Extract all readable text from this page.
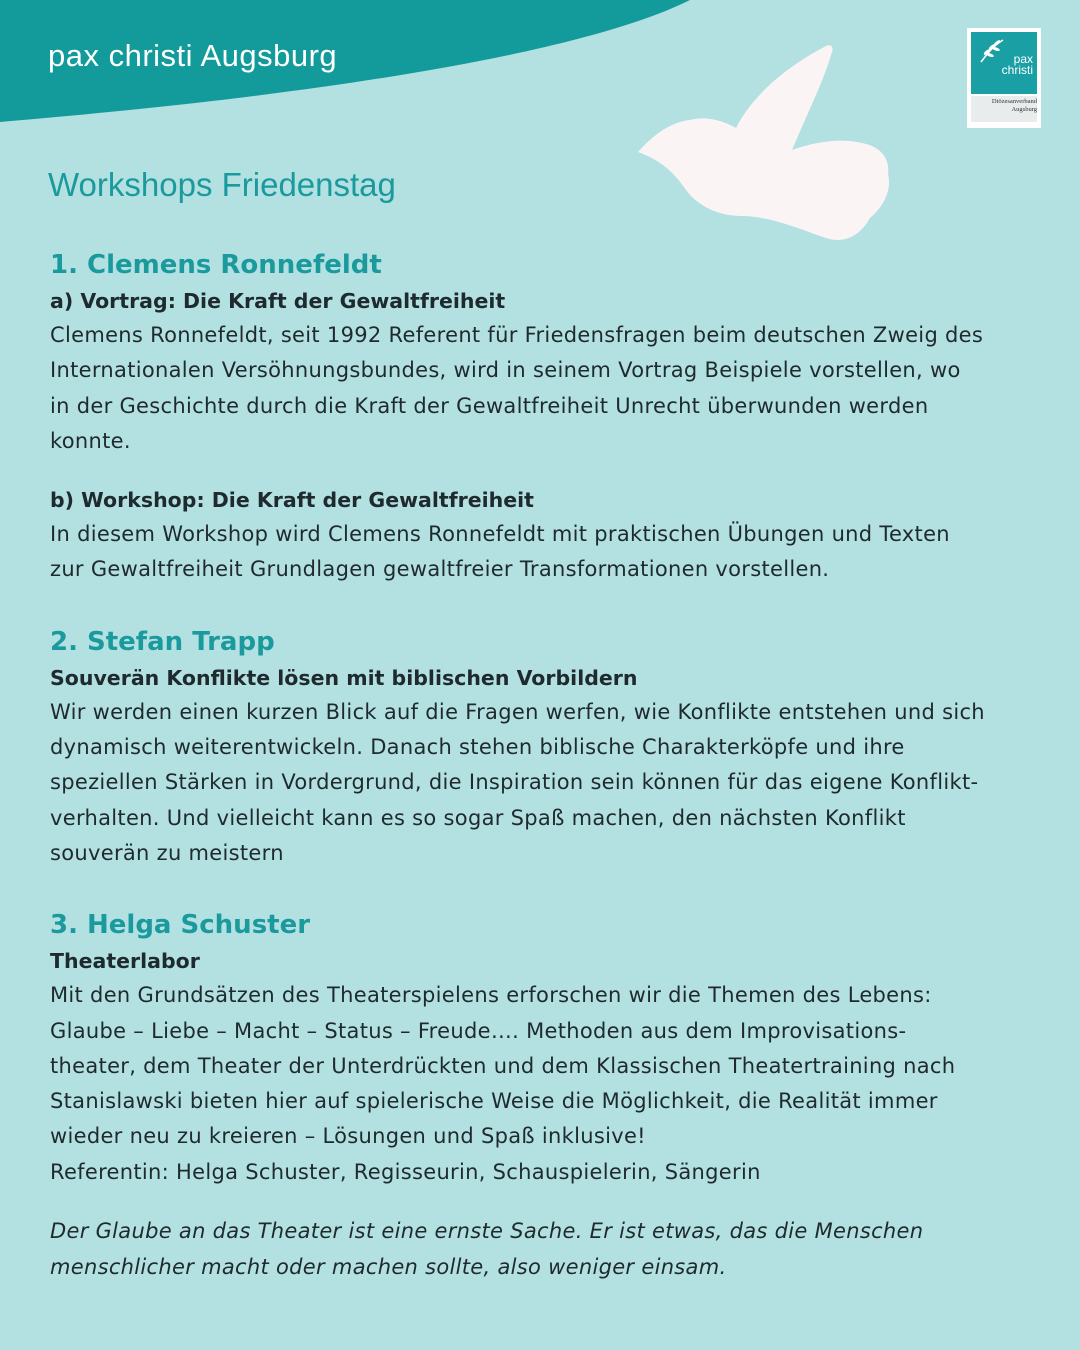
pax christi Augsburg	pax
christi
Diözesanverband
Augsburg
Workshops Friedenstag
1. Clemens Ronnefeldt

a) Vortrag: Die Kraft der Gewaltfreiheit

Clemens Ronnefeldt, seit 1992 Referent für Friedensfragen beim deutschen Zweig des
Internationalen Versöhnungsbundes, wird in seinem Vortrag Beispiele vorstellen, wo
in der Geschichte durch die Kraft der Gewaltfreiheit Unrecht überwunden werden
konnte.

b) Workshop: Die Kraft der Gewaltfreiheit

In diesem Workshop wird Clemens Ronnefeldt mit praktischen Übungen und Texten
zur Gewaltfreiheit Grundlagen gewaltfreier Transformationen vorstellen.
2. Stefan Trapp

Souverän Konflikte lösen mit biblischen Vorbildern

Wir werden einen kurzen Blick auf die Fragen werfen, wie Konflikte entstehen und sich
dynamisch weiterentwickeln. Danach stehen biblische Charakterköpfe und ihre
speziellen Stärken in Vordergrund, die Inspiration sein können für das eigene Konflikt-
verhalten. Und vielleicht kann es so sogar Spaß machen, den nächsten Konflikt
souverän zu meistern
3. Helga Schuster

Theaterlabor

Mit den Grundsätzen des Theaterspielens erforschen wir die Themen des Lebens:
Glaube – Liebe – Macht – Status – Freude…. Methoden aus dem Improvisations-
theater, dem Theater der Unterdrückten und dem Klassischen Theatertraining nach
Stanislawski bieten hier auf spielerische Weise die Möglichkeit, die Realität immer
wieder neu zu kreieren – Lösungen und Spaß inklusive!
Referentin: Helga Schuster, Regisseurin, Schauspielerin, Sängerin
Der Glaube an das Theater ist eine ernste Sache. Er ist etwas, das die Menschen
menschlicher macht oder machen sollte, also weniger einsam.
